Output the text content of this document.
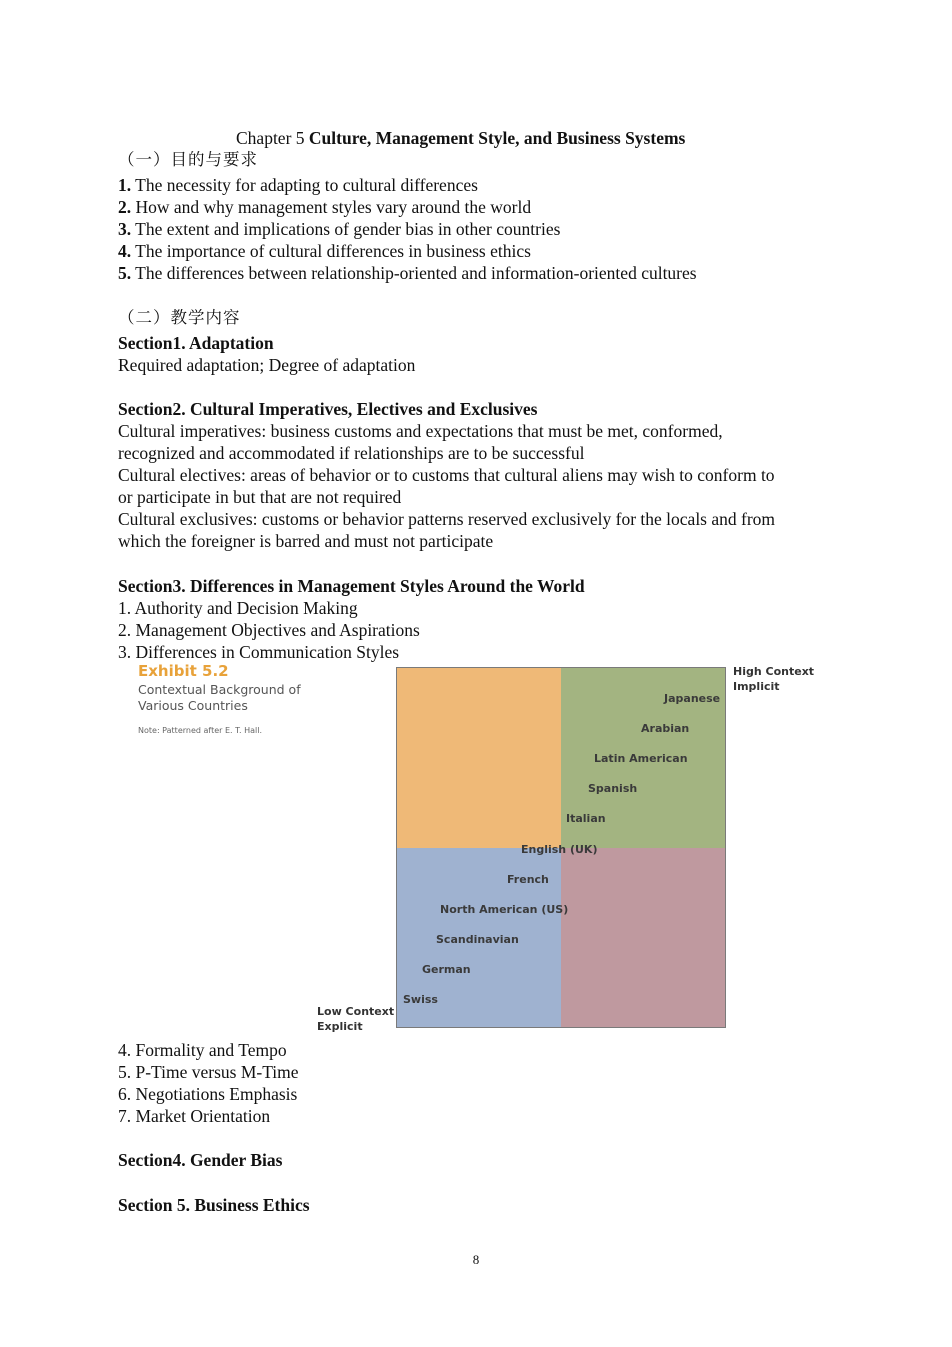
Chapter 5 Culture, Management Style, and Business Systems
（一）目的与要求
1. The necessity for adapting to cultural differences
2. How and why management styles vary around the world
3. The extent and implications of gender bias in other countries
4. The importance of cultural differences in business ethics
5. The differences between relationship-oriented and information-oriented cultures
（二）教学内容
Section1. Adaptation
Required adaptation; Degree of adaptation
Section2. Cultural Imperatives, Electives and Exclusives
Cultural imperatives: business customs and expectations that must be met, conformed,
recognized and accommodated if relationships are to be successful
Cultural electives: areas of behavior or to customs that cultural aliens may wish to conform to
or participate in but that are not required
Cultural exclusives: customs or behavior patterns reserved exclusively for the locals and from
which the foreigner is barred and must not participate
Section3. Differences in Management Styles Around the World
1. Authority and Decision Making
2. Management Objectives and Aspirations
3. Differences in Communication Styles
Exhibit 5.2
Contextual Background of
Various Countries
Note: Patterned after E. T. Hall.
High Context
Implicit
Low Context
Explicit
Japanese
Arabian
Latin American
Spanish
Italian
English (UK)
French
North American (US)
Scandinavian
German
Swiss
4. Formality and Tempo
5. P-Time versus M-Time
6. Negotiations Emphasis
7. Market Orientation
Section4. Gender Bias
Section 5. Business Ethics
8
